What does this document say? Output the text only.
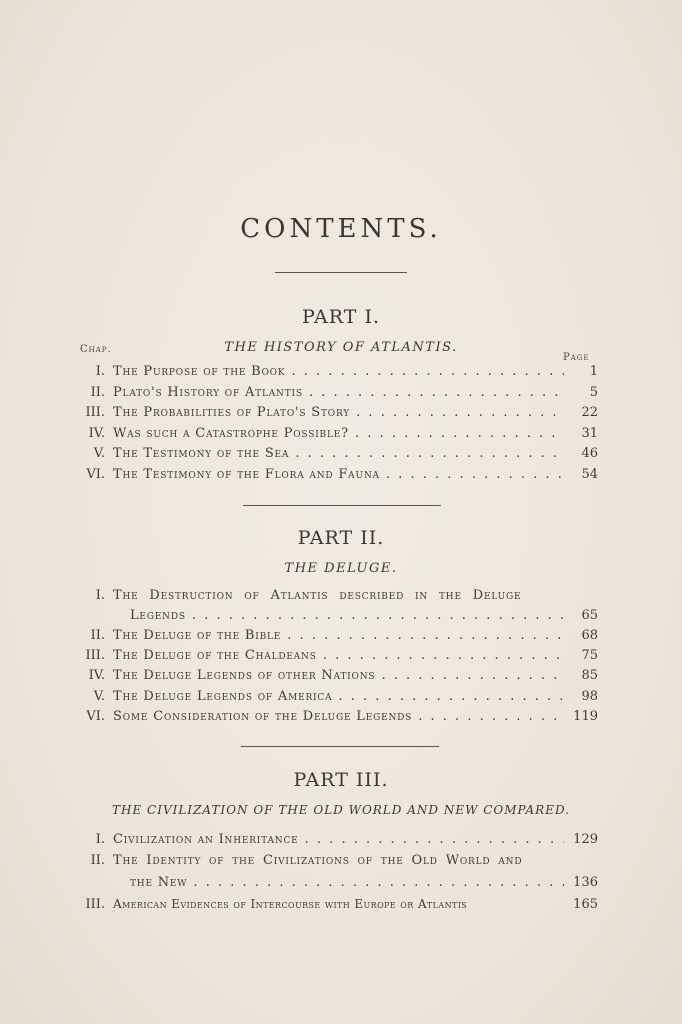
CONTENTS.
PART I.
Chap.	THE HISTORY OF ATLANTIS.
Page
I. The Purpose of the Book . . .	1
II. Plato's History of Atlantis . . .	5
III. The Probabilities of Plato's Story . . .	22
IV. Was such a Catastrophe Possible? . . .	31
V. The Testimony of the Sea . . .	46
VI. The Testimony of the Flora and Fauna . . .	54
PART II.
THE DELUGE.
I. The Destruction of Atlantis described in the Deluge
Legends . . .	65
II. The Deluge of the Bible . . .	68
III. The Deluge of the Chaldeans . . .	75
IV. The Deluge Legends of other Nations . . .	85
V. The Deluge Legends of America . . .	98
VI. Some Consideration of the Deluge Legends . . .	119
PART III.
THE CIVILIZATION OF THE OLD WORLD AND NEW COMPARED.
I. Civilization an Inheritance . . .	129
II. The Identity of the Civilizations of the Old World and
the New . . .	136
III. American Evidences of Intercourse with Europe or Atlantis	165
